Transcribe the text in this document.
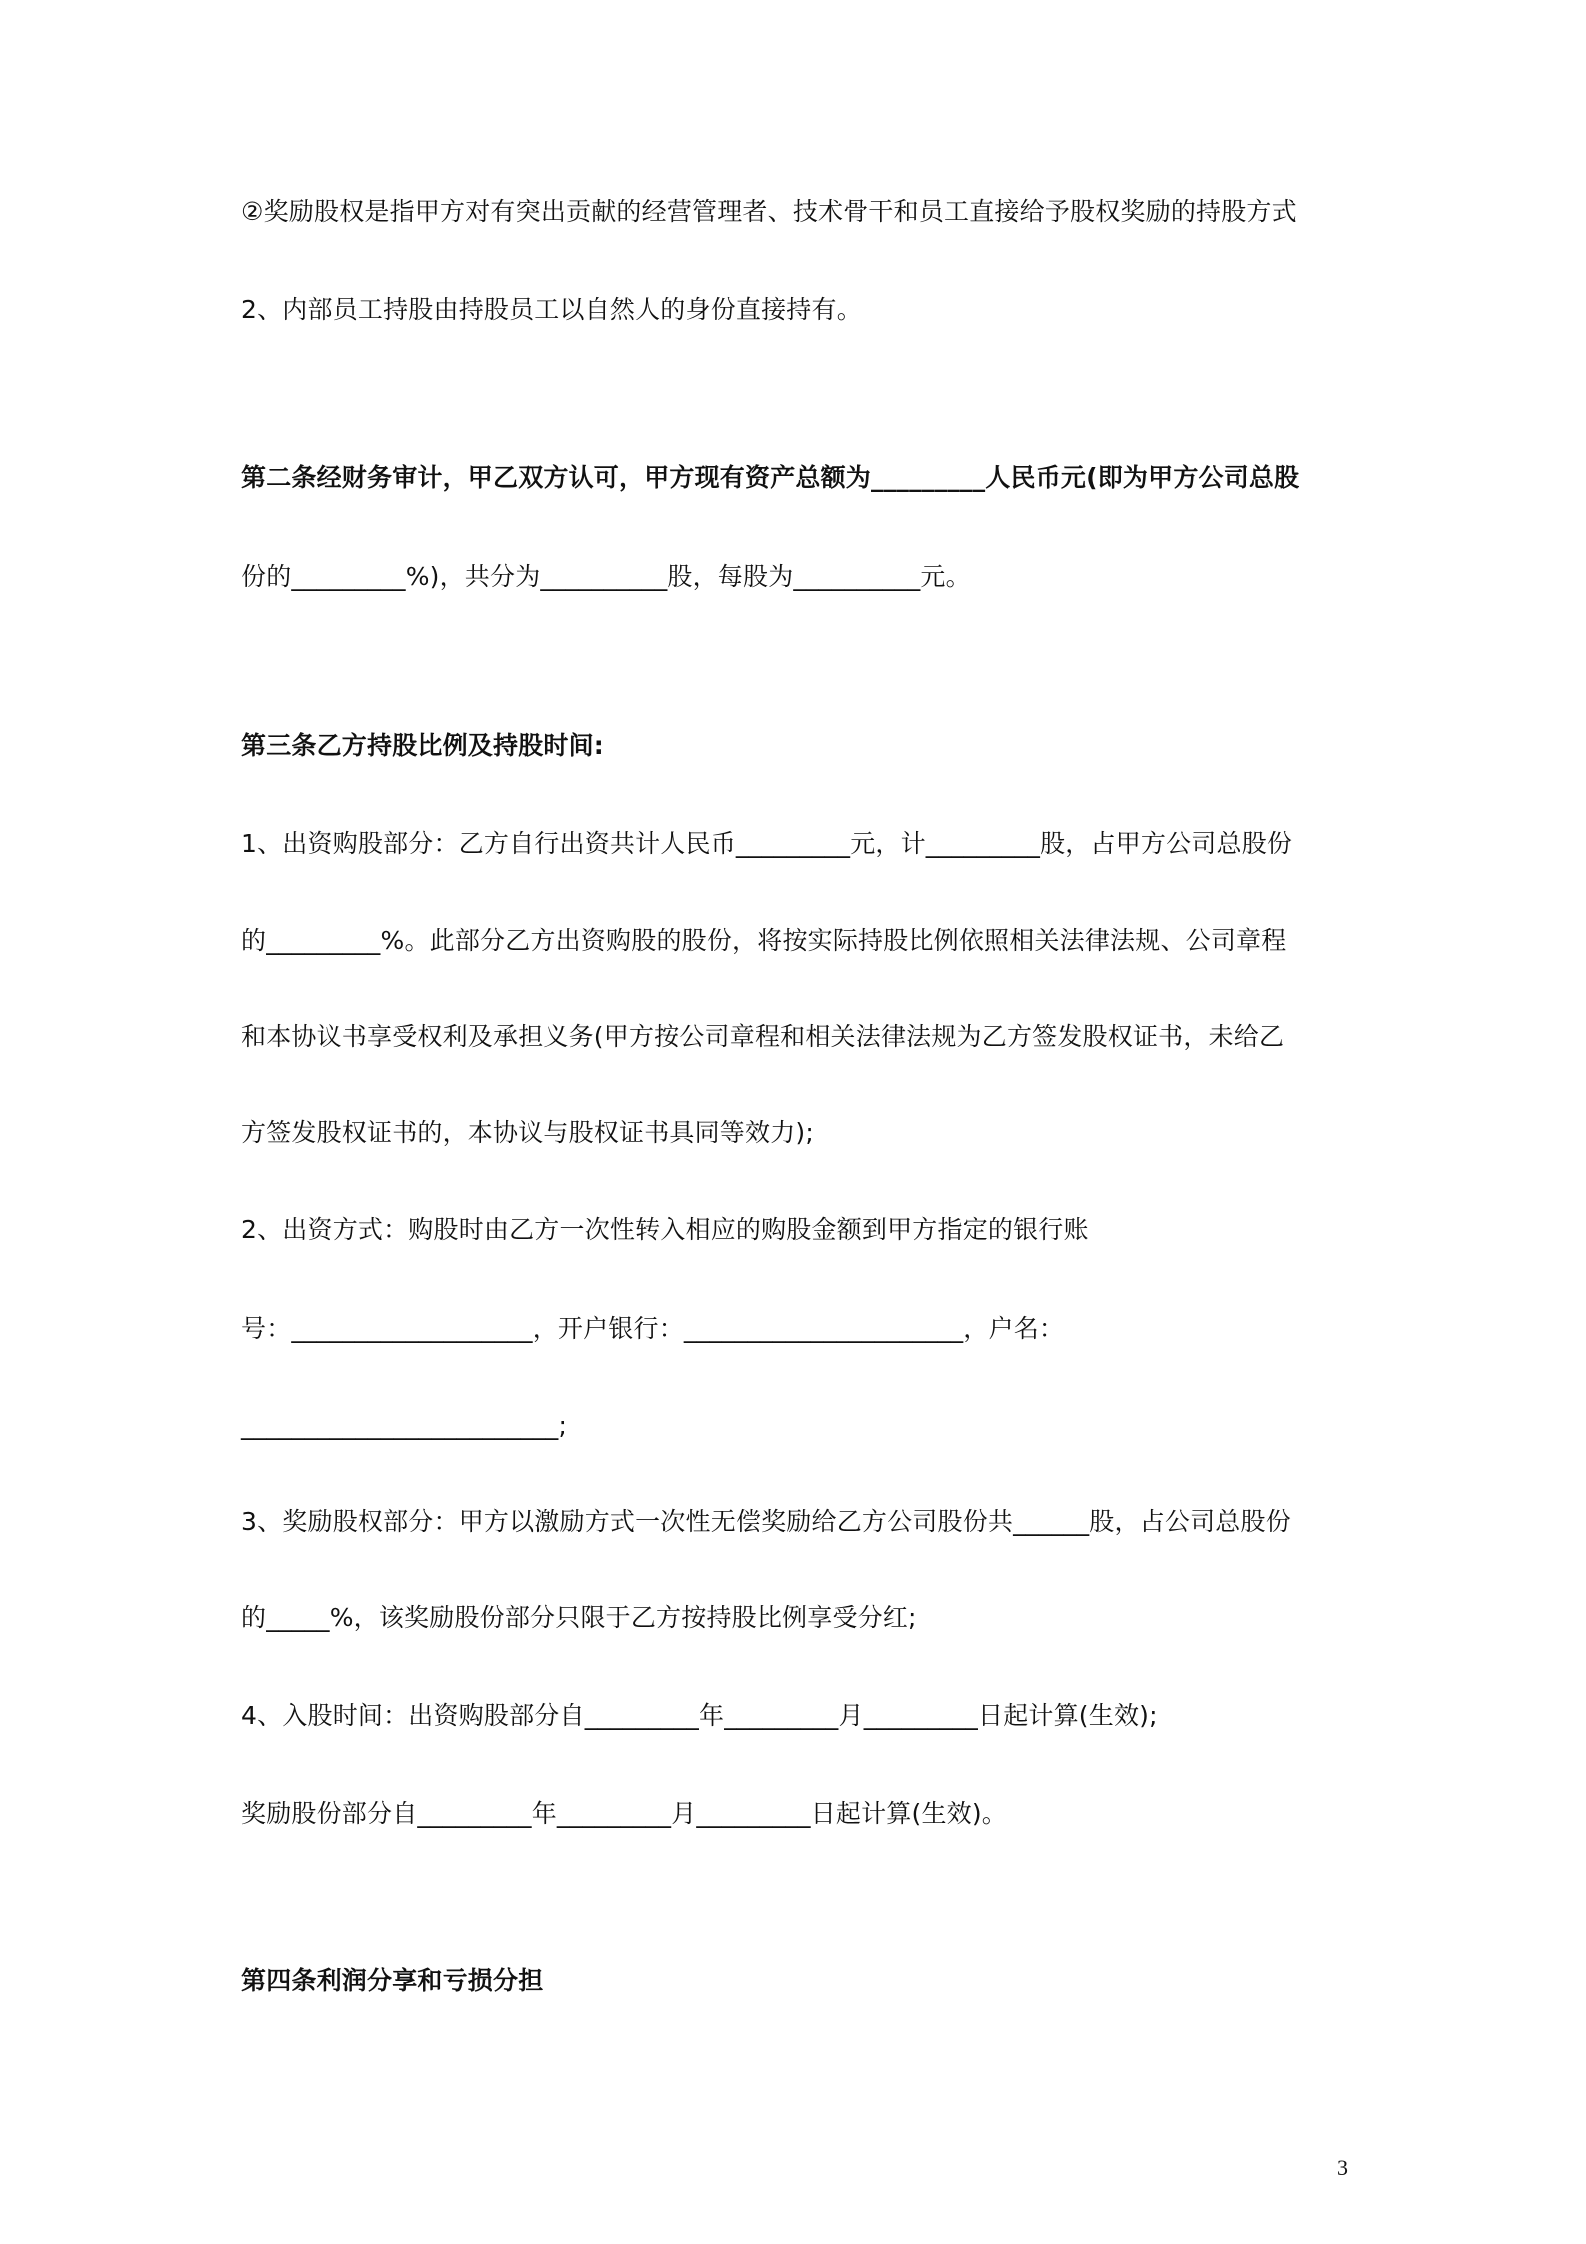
②奖励股权是指甲方对有突出贡献的经营管理者、技术骨干和员工直接给予股权奖励的持股方式
2、内部员工持股由持股员工以自然人的身份直接持有。
第二条经财务审计，甲乙双方认可，甲方现有资产总额为_________人民币元(即为甲方公司总股
份的_________%)，共分为__________股，每股为__________元。
第三条乙方持股比例及持股时间:
1、出资购股部分：乙方自行出资共计人民币_________元，计_________股，占甲方公司总股份
的_________%。此部分乙方出资购股的股份，将按实际持股比例依照相关法律法规、公司章程
和本协议书享受权利及承担义务(甲方按公司章程和相关法律法规为乙方签发股权证书，未给乙
方签发股权证书的，本协议与股权证书具同等效力);
2、出资方式：购股时由乙方一次性转入相应的购股金额到甲方指定的银行账
号：___________________，开户银行：______________________，户名：
_________________________;
3、奖励股权部分：甲方以激励方式一次性无偿奖励给乙方公司股份共______股，占公司总股份
的_____%，该奖励股份部分只限于乙方按持股比例享受分红;
4、入股时间：出资购股部分自_________年_________月_________日起计算(生效);
奖励股份部分自_________年_________月_________日起计算(生效)。
第四条利润分享和亏损分担
3
